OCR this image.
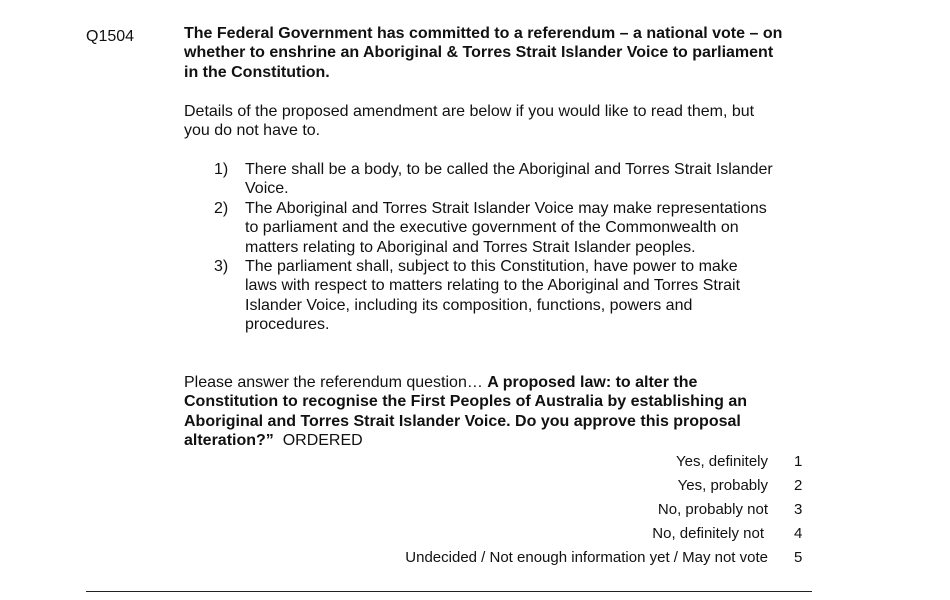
Q1504	The Federal Government has committed to a referendum – a national vote – on whether to enshrine an Aboriginal & Torres Strait Islander Voice to parliament in the Constitution.
Details of the proposed amendment are below if you would like to read them, but you do not have to.
1)	There shall be a body, to be called the Aboriginal and Torres Strait Islander Voice.
2)	The Aboriginal and Torres Strait Islander Voice may make representations to parliament and the executive government of the Commonwealth on matters relating to Aboriginal and Torres Strait Islander peoples.
3)	The parliament shall, subject to this Constitution, have power to make laws with respect to matters relating to the Aboriginal and Torres Strait Islander Voice, including its composition, functions, powers and procedures.
Please answer the referendum question… A proposed law: to alter the Constitution to recognise the First Peoples of Australia by establishing an Aboriginal and Torres Strait Islander Voice. Do you approve this proposal alteration?”  ORDERED
Yes, definitely	1
Yes, probably	2
No, probably not	3
No, definitely not	4
Undecided / Not enough information yet / May not vote	5
